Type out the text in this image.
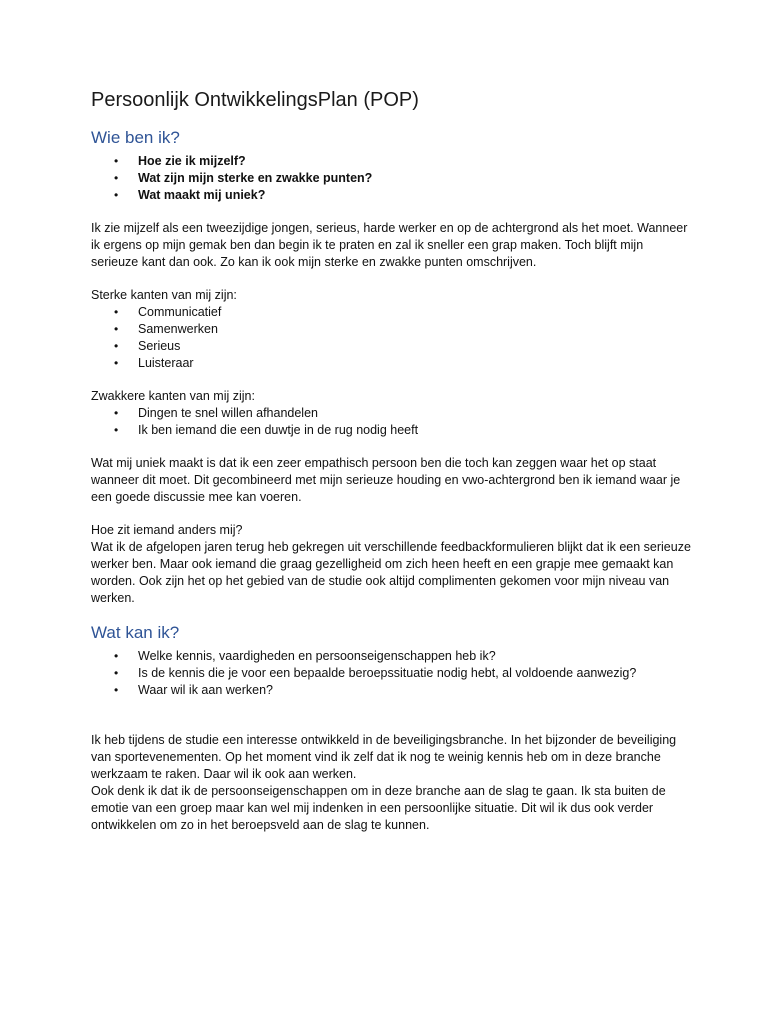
Persoonlijk OntwikkelingsPlan (POP)
Wie ben ik?
• Hoe zie ik mijzelf?
• Wat zijn mijn sterke en zwakke punten?
• Wat maakt mij uniek?

Ik zie mijzelf als een tweezijdige jongen, serieus, harde werker en op de achtergrond als het moet. Wanneer ik ergens op mijn gemak ben dan begin ik te praten en zal ik sneller een grap maken. Toch blijft mijn serieuze kant dan ook. Zo kan ik ook mijn sterke en zwakke punten omschrijven.

Sterke kanten van mij zijn:

• Communicatief
• Samenwerken
• Serieus
• Luisteraar

Zwakkere kanten van mij zijn:

• Dingen te snel willen afhandelen
• Ik ben iemand die een duwtje in de rug nodig heeft

Wat mij uniek maakt is dat ik een zeer empathisch persoon ben die toch kan zeggen waar het op staat wanneer dit moet. Dit gecombineerd met mijn serieuze houding en vwo-achtergrond ben ik iemand waar je een goede discussie mee kan voeren.

Hoe zit iemand anders mij?

Wat ik de afgelopen jaren terug heb gekregen uit verschillende feedbackformulieren blijkt dat ik een serieuze werker ben. Maar ook iemand die graag gezelligheid om zich heen heeft en een grapje mee gemaakt kan worden. Ook zijn het op het gebied van de studie ook altijd complimenten gekomen voor mijn niveau van werken.

Wat kan ik?
• Welke kennis, vaardigheden en persoonseigenschappen heb ik?
• Is de kennis die je voor een bepaalde beroepssituatie nodig hebt, al voldoende aanwezig?
• Waar wil ik aan werken?

Ik heb tijdens de studie een interesse ontwikkeld in de beveiligingsbranche. In het bijzonder de beveiliging van sportevenementen. Op het moment vind ik zelf dat ik nog te weinig kennis heb om in deze branche werkzaam te raken. Daar wil ik ook aan werken.

Ook denk ik dat ik de persoonseigenschappen om in deze branche aan de slag te gaan. Ik sta buiten de emotie van een groep maar kan wel mij indenken in een persoonlijke situatie. Dit wil ik dus ook verder ontwikkelen om zo in het beroepsveld aan de slag te kunnen.
